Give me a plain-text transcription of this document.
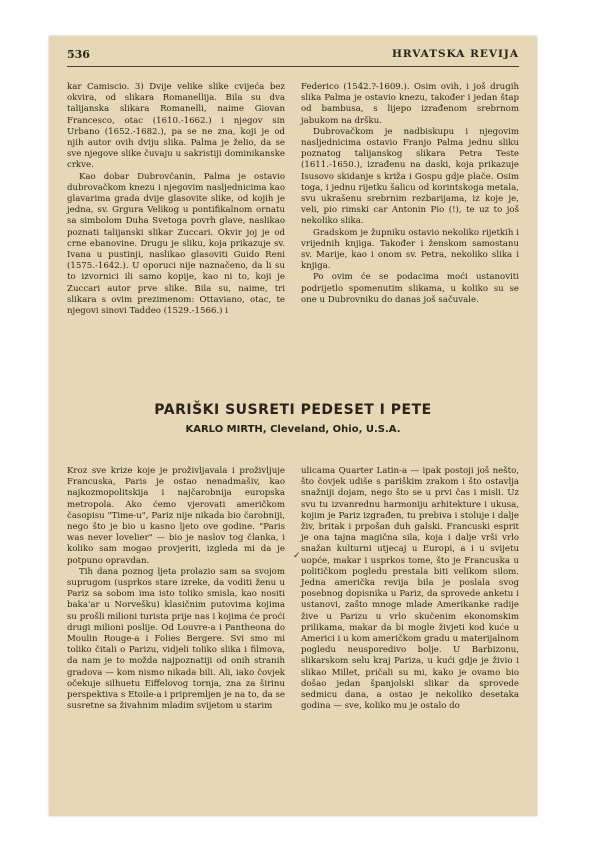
536	HRVATSKA REVIJA

kar Camiscio. 3) Dvije velike slike cvijeća bez okvira, od slikara Romanellija. Bila su dva talijanska slikara Romanelli, naime Giovan Francesco, otac (1610.-1662.) i njegov sin Urbano (1652.-1682.), pa se ne zna, koji je od njih autor ovih dviju slika. Palma je želio, da se sve njegove slike čuvaju u sakristiji dominikanske crkve.

Kao dobar Dubrovčanin, Palma je ostavio dubrovačkom knezu i njegovim nasljednicima kao glavarima grada dvije glasovite slike, od kojih je jedna, sv. Grgura Velikog u pontifikalnom ornatu sa simbolom Duha Svetoga povrh glave, naslikao poznati talijanski slikar Zuccari. Okvir joj je od crne ebanovine. Drugu je sliku, koja prikazuje sv. Ivana u pustinji, naslikao glasoviti Guido Reni (1575.-1642.). U oporuci nije naznačeno, da li su to izvornici ili samo kopije, kao ni to, koji je Zuccari autor prve slike. Bila su, naime, tri slikara s ovim prezimenom: Ottaviano, otac, te njegovi sinovi Taddeo (1529.-1566.) i

Federico (1542.?-1609.). Osim ovih, i još drugih slika Palma je ostavio knezu, također i jedan štap od bambusa, s lijepo izrađenom srebrnom jabukom na dršku.

Dubrovačkom je nadbiskupu i njegovim nasljednicima ostavio Franjo Palma jednu sliku poznatog talijanskog slikara Petra Teste (1611.-1650.), izrađenu na daski, koja prikazuje Isusovo skidanje s križa i Gospu gdje plače. Osim toga, i jednu rijetku šalicu od korintskoga metala, svu ukrašenu srebrnim rezbarijama, iz koje je, veli, pio rimski car Antonin Pio (!), te uz to još nekoliko slika.

Gradskom je župniku ostavio nekoliko rijetkih i vrijednih knjiga. Također i ženskom samostanu sv. Marije, kao i onom sv. Petra, nekoliko slika i knjiga.

Po ovim će se podacima moći ustanoviti podrijetlo spomenutim slikama, u koliko su se one u Dubrovniku do danas još sačuvale.

PARIŠKI SUSRETI PEDESET I PETE
KARLO MIRTH, Cleveland, Ohio, U.S.A.

Kroz sve krize koje je proživljavala i proživljuje Francuska, Paris je ostao nenadmašiv, kao najkozmopolitskija i najčarobnija europska metropola. Ako ćemo vjerovati američkom časopisu "Time-u", Pariz nije nikada bio čarobniji, nego što je bio u kasno ljeto ove godine. "Paris was never lovelier" — bio je naslov tog članka, i koliko sam mogao provjeriti, izgleda mi da je potpuno opravdan.

Tih dana poznog ljeta prolazio sam sa svojom suprugom (usprkos stare izreke, da voditi ženu u Pariz sa sobom ima isto toliko smisla, kao nositi baka'ar u Norvešku) klasičnim putovima kojima su prošli milioni turista prije nas i kojima će proći drugi milioni poslije. Od Louvre-a i Pantheona do Moulin Rouge-a i Folies Bergere. Svi smo mi toliko čitali o Parizu, vidjeli toliko slika i filmova, da nam je to možda najpoznatiji od onih stranih gradova — kom nismo nikada bili. Ali, iako čovjek očekuje silhuetu Eiffelovog tornja, zna za širinu perspektiva s Etoile-a i pripremljen je na to, da se susretne sa živahnim mladim svijetom u starim

✓

ulicama Quarter Latin-a — ipak postoji još nešto, što čovjek udiše s pariškim zrakom i što ostavlja snažniji dojam, nego što se u prvi čas i misli. Uz svu tu izvanrednu harmoniju arhitekture i ukusa, kojim je Pariz izgrađen, tu prebiva i stoluje i dalje živ, britak i prpošan duh galski. Francuski esprit je ona tajna magična sila, koja i dalje vrši vrlo snažan kulturni utjecaj u Europi, a i u svijetu uopće, makar i usprkos tome, što je Francuska u političkom pogledu prestala biti velikom silom. Jedna američka revija bila je poslala svog posebnog dopisnika u Pariz, da sprovede anketu i ustanovi, zašto mnoge mlade Amerikanke radije žive u Parizu u vrlo skučenim ekonomskim prilikama, makar da bi mogle živjeti kod kuće u Americi i u kom američkom gradu u materijalnom pogledu neusporedivo bolje. U Barbizonu, slikarskom selu kraj Pariza, u kući gdje je živio i slikao Millet, pričali su mi, kako je ovamo bio došao jedan španjolski slikar da sprovede sedmicu dana, a ostao je nekoliko desetaka godina — sve, koliko mu je ostalo do
